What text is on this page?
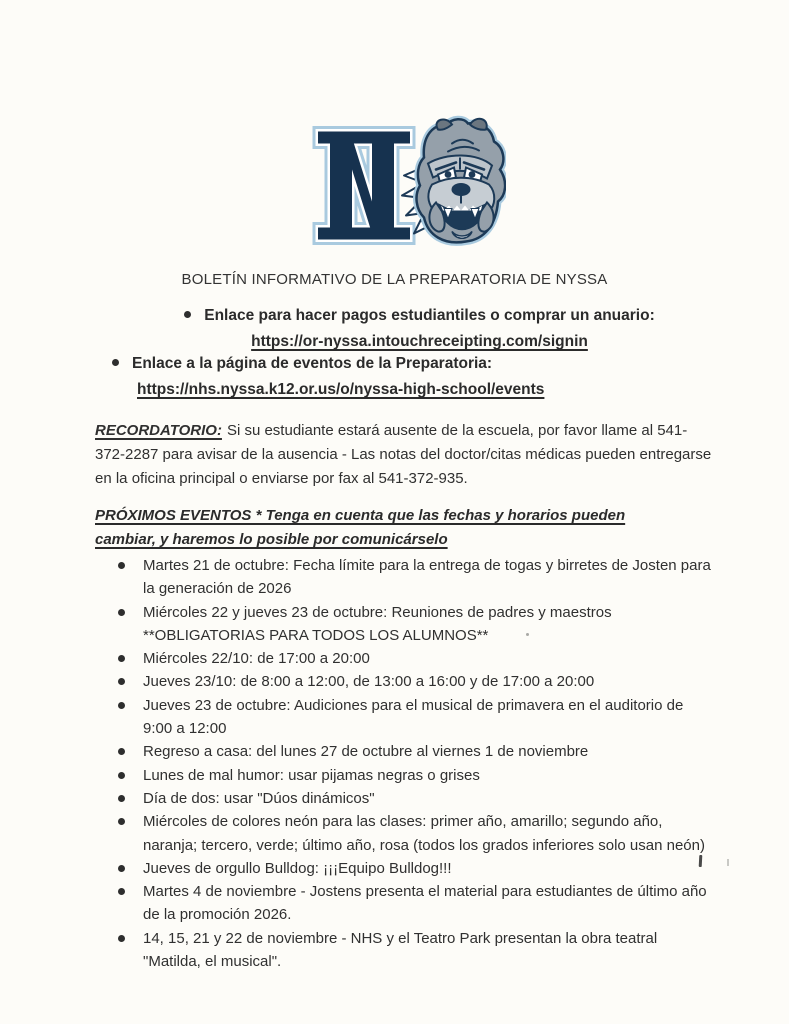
BOLETÍN INFORMATIVO DE LA PREPARATORIA DE NYSSA
Enlace para hacer pagos estudiantiles o comprar un anuario:
https://or-nyssa.intouchreceipting.com/signin
Enlace a la página de eventos de la Preparatoria:
https://nhs.nyssa.k12.or.us/o/nyssa-high-school/events

RECORDATORIO: Si su estudiante estará ausente de la escuela, por favor llame al 541-372-2287 para avisar de la ausencia - Las notas del doctor/citas médicas pueden entregarse en la oficina principal o enviarse por fax al 541-372-935.

PRÓXIMOS EVENTOS * Tenga en cuenta que las fechas y horarios pueden cambiar, y haremos lo posible por comunicárselo
Martes 21 de octubre: Fecha límite para la entrega de togas y birretes de Josten para la generación de 2026
Miércoles 22 y jueves 23 de octubre: Reuniones de padres y maestros **OBLIGATORIAS PARA TODOS LOS ALUMNOS**
Miércoles 22/10: de 17:00 a 20:00
Jueves 23/10: de 8:00 a 12:00, de 13:00 a 16:00 y de 17:00 a 20:00
Jueves 23 de octubre: Audiciones para el musical de primavera en el auditorio de 9:00 a 12:00
Regreso a casa: del lunes 27 de octubre al viernes 1 de noviembre
Lunes de mal humor: usar pijamas negras o grises
Día de dos: usar "Dúos dinámicos"
Miércoles de colores neón para las clases: primer año, amarillo; segundo año, naranja; tercero, verde; último año, rosa (todos los grados inferiores solo usan neón)
Jueves de orgullo Bulldog: ¡¡¡Equipo Bulldog!!!
Martes 4 de noviembre - Jostens presenta el material para estudiantes de último año de la promoción 2026.
14, 15, 21 y 22 de noviembre - NHS y el Teatro Park presentan la obra teatral "Matilda, el musical".
